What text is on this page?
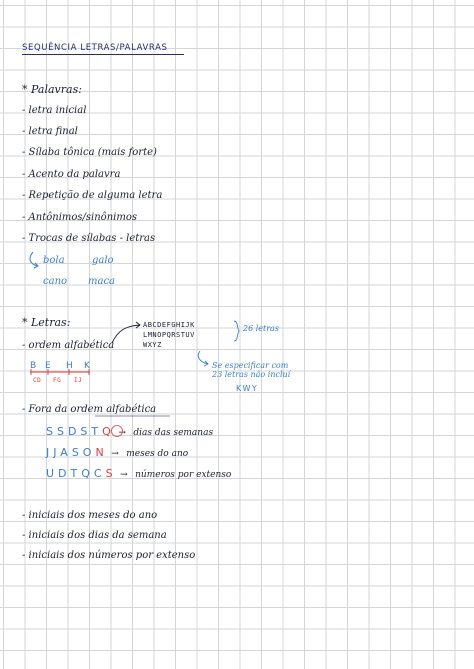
SEQUÊNCIA LETRAS/PALAVRAS
* Palavras:
- letra inicial
- letra final
- Sílaba tônica (mais forte)
- Acento da palavra
- Repetição de alguma letra
- Antônimos/sinônimos
- Trocas de sílabas - letras
bola	galo
cano maca
* Letras:
- ordem alfabética
ABCDEFGHIJK
LMNOPQRSTUV
WXYZ
26 letras
Se especificar com
23 letras não incluí
KWY
B E H K
CD FG IJ
- Fora da ordem alfabética
SSDSTQ → dias das semanas
JJASON → meses do ano
UDTQCS → números por extenso
- iniciais dos meses do ano
- iniciais dos dias da semana
- iniciais dos números por extenso
